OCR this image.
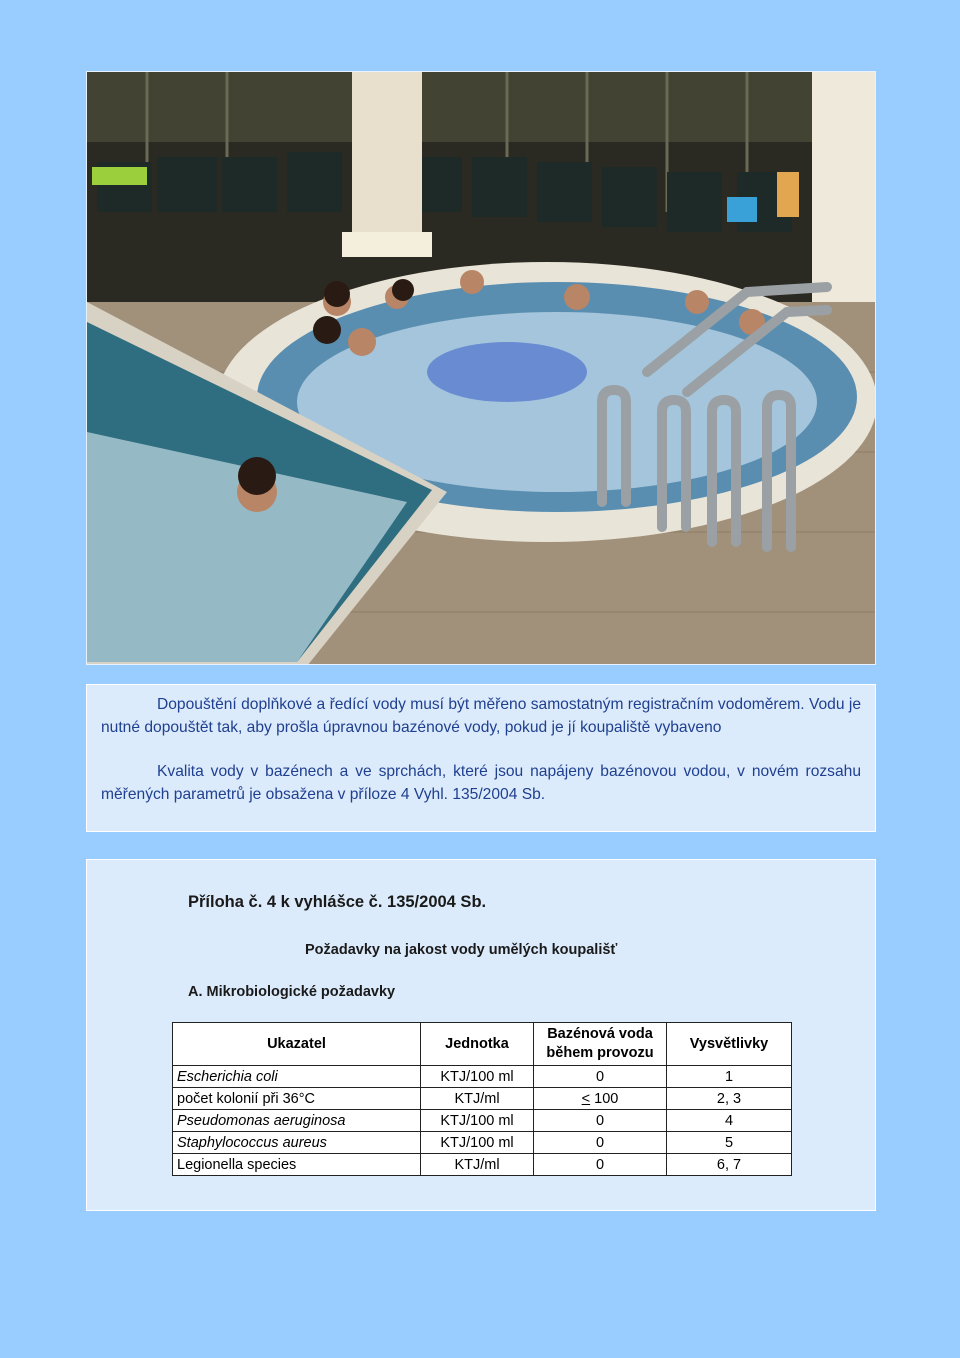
Dopouštění doplňkové a ředící vody musí být měřeno samostatným registračním vodoměrem. Vodu je nutné dopouštět tak, aby prošla úpravnou bazénové vody, pokud je jí koupaliště vybaveno

Kvalita vody v bazénech a ve sprchách, které jsou napájeny bazénovou vodou, v novém rozsahu měřených parametrů je obsažena v příloze 4 Vyhl. 135/2004 Sb.

Příloha č. 4 k vyhlášce č. 135/2004 Sb.
Požadavky na jakost vody umělých koupališť
A. Mikrobiologické požadavky
Ukazatel	Jednotka	Bazénová voda během provozu	Vysvětlivky
Escherichia coli	KTJ/100 ml	0	1
počet kolonií při 36°C	KTJ/ml	< 100	2, 3
Pseudomonas aeruginosa	KTJ/100 ml	0	4
Staphylococcus aureus	KTJ/100 ml	0	5
Legionella species	KTJ/ml	0	6, 7
